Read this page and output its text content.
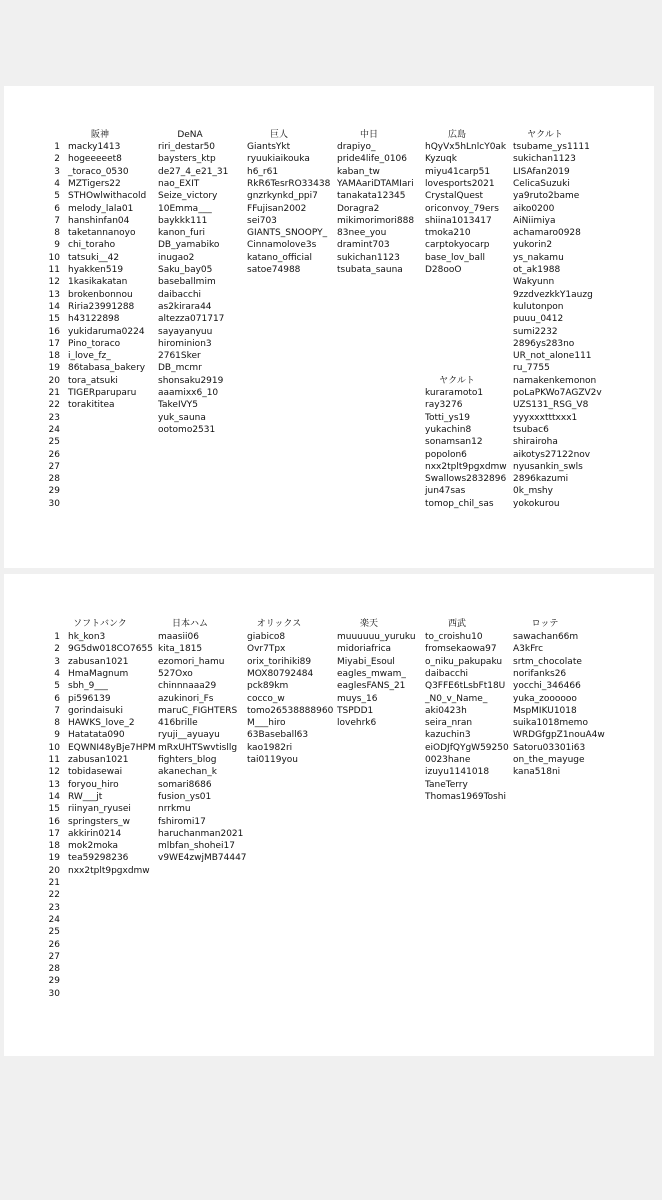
1
2
3
4
5
6
7
8
9
10
11
12
13
14
15
16
17
18
19
20
21
22
23
24
25
26
27
28
29
30
阪神
macky1413
hogeeeeet8
_toraco_0530
MZTigers22
STHOwlwithacold
melody_lala01
hanshinfan04
taketannanoyo
chi_toraho
tatsuki__42
hyakken519
1kasikakatan
brokenbonnou
Riria23991288
h43122898
yukidaruma0224
Pino_toraco
i_love_fz_
86tabasa_bakery
tora_atsuki
TIGERparuparu
torakititea
DeNA
riri_destar50
baysters_ktp
de27_4_e21_31
nao_EXIT
Seize_victory
10Emma___
baykkk111
kanon_furi
DB_yamabiko
inugao2
Saku_bay05
baseballmim
daibacchi
as2kirara44
altezza071717
sayayanyuu
hirominion3
2761Sker
DB_mcmr
shonsaku2919
aaamixx6_10
TakeIVY5
yuk_sauna
ootomo2531
巨人
GiantsYkt
ryuukiaikouka
h6_r61
RkR6TesrRO33438
gnzrkynkd_ppi7
FFujisan2002
sei703
GIANTS_SNOOPY_
Cinnamolove3s
katano_official
satoe74988
中日
drapiyo_
pride4life_0106
kaban_tw
YAMAariDTAMIari
tanakata12345
Doragra2
mikimorimori888
83nee_you
dramint703
sukichan1123
tsubata_sauna
広島
hQyVx5hLnlcY0ak
Kyzuqk
miyu41carp51
lovesports2021
CrystalQuest
oriconvoy_79ers
shiina1013417
tmoka210
carptokyocarp
base_lov_ball
D28ooO
ヤクルト
tsubame_ys1111
sukichan1123
LISAfan2019
CelicaSuzuki
ya9ruto2bame
aiko0200
AiNiimiya
achamaro0928
yukorin2
ys_nakamu
ot_ak1988
Wakyunn
9zzdvezkkY1auzg
kulutonpon
puuu_0412
sumi2232
2896ys283no
UR_not_alone111
ru_7755
namakenkemonon
poLaPKWo7AGZV2v
UZS131_RSG_V8
yyyxxxtttxxx1
tsubac6
shirairoha
aikotys27122nov
nyusankin_swls
2896kazumi
0k_mshy
yokokurou
ヤクルト
kuraramoto1
ray3276
Totti_ys19
yukachin8
sonamsan12
popolon6
nxx2tplt9pgxdmw
Swallows2832896
jun47sas
tomop_chil_sas
1
2
3
4
5
6
7
8
9
10
11
12
13
14
15
16
17
18
19
20
21
22
23
24
25
26
27
28
29
30
ソフトバンク
hk_kon3
9G5dw018CO7655
zabusan1021
HmaMagnum
sbh_9___
pi596139
gorindaisuki
HAWKS_love_2
Hatatata090
EQWNI48yBje7HPM
zabusan1021
tobidasewai
foryou_hiro
RW___jt
riinyan_ryusei
springsters_w
akkirin0214
mok2moka
tea59298236
nxx2tplt9pgxdmw
日本ハム
maasii06
kita_1815
ezomori_hamu
527Oxo
chinnnaaa29
azukinori_Fs
maruC_FIGHTERS
416brille
ryuji__ayuayu
mRxUHTSwvtisllg
fighters_blog
akanechan_k
somari8686
fusion_ys01
nrrkmu
fshiromi17
haruchanman2021
mlbfan_shohei17
v9WE4zwjMB74447
オリックス
giabico8
Ovr7Tpx
orix_torihiki89
MOX80792484
pck89km
cocco_w
tomo26538888960
M___hiro
63Baseball63
kao1982ri
tai0119you
楽天
muuuuuu_yuruku
midoriafrica
Miyabi_Esoul
eagles_mwam_
eaglesFANS_21
muys_16
TSPDD1
lovehrk6
西武
to_croishu10
fromsekaowa97
o_niku_pakupaku
daibacchi
Q3FFE6tLsbFt18U
_N0_v_Name_
aki0423h
seira_nran
kazuchin3
eiODJfQYgW59250
0023hane
izuyu1141018
TaneTerry
Thomas1969Toshi
ロッテ
sawachan66m
A3kFrc
srtm_chocolate
norifanks26
yocchi_346466
yuka_zoooooo
MspMIKU1018
suika1018memo
WRDGfgpZ1nouA4w
Satoru03301i63
on_the_mayuge
kana518ni
